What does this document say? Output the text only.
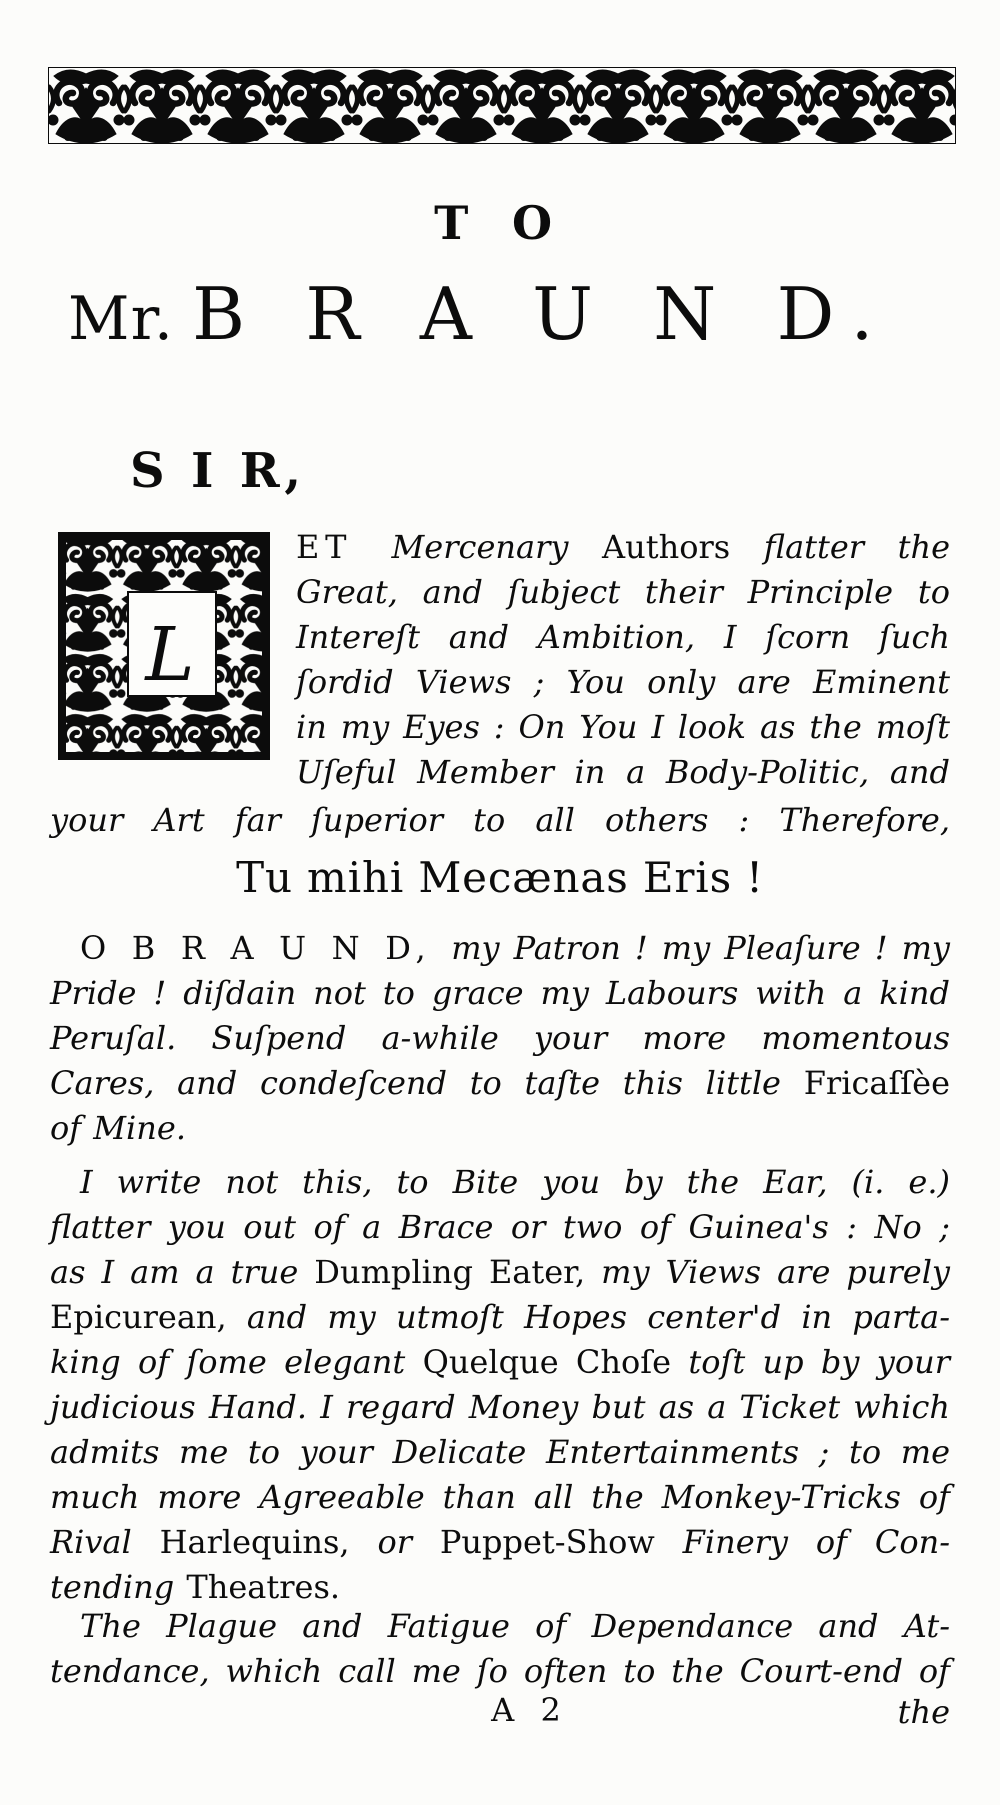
T O
Mr. B R A U N D.
S I R,
L
ET Mercenary Authors flatter the
Great, and ſubject their Principle to
Intereſt and Ambition, I ſcorn ſuch
ſordid Views ; You only are Eminent
in my Eyes : On You I look as the moſt
Uſeful Member in a Body-Politic, and
your Art far ſuperior to all others : Therefore,
Tu mihi Mecænas Eris !
O B R A U N D, my Patron ! my Pleaſure ! my
Pride ! diſdain not to grace my Labours with a kind
Peruſal. Suſpend a-while your more momentous
Cares, and condeſcend to taſte this little Fricaſſèe
of Mine.
I write not this, to Bite you by the Ear, (i. e.)
flatter you out of a Brace or two of Guinea's : No ;
as I am a true Dumpling Eater, my Views are purely
Epicurean, and my utmoſt Hopes center'd in parta-
king of ſome elegant Quelque Choſe toſt up by your
judicious Hand. I regard Money but as a Ticket which
admits me to your Delicate Entertainments ; to me
much more Agreeable than all the Monkey-Tricks of
Rival Harlequins, or Puppet-Show Finery of Con-
tending Theatres.
The Plague and Fatigue of Dependance and At-
tendance, which call me ſo often to the Court-end of
A 2	the
